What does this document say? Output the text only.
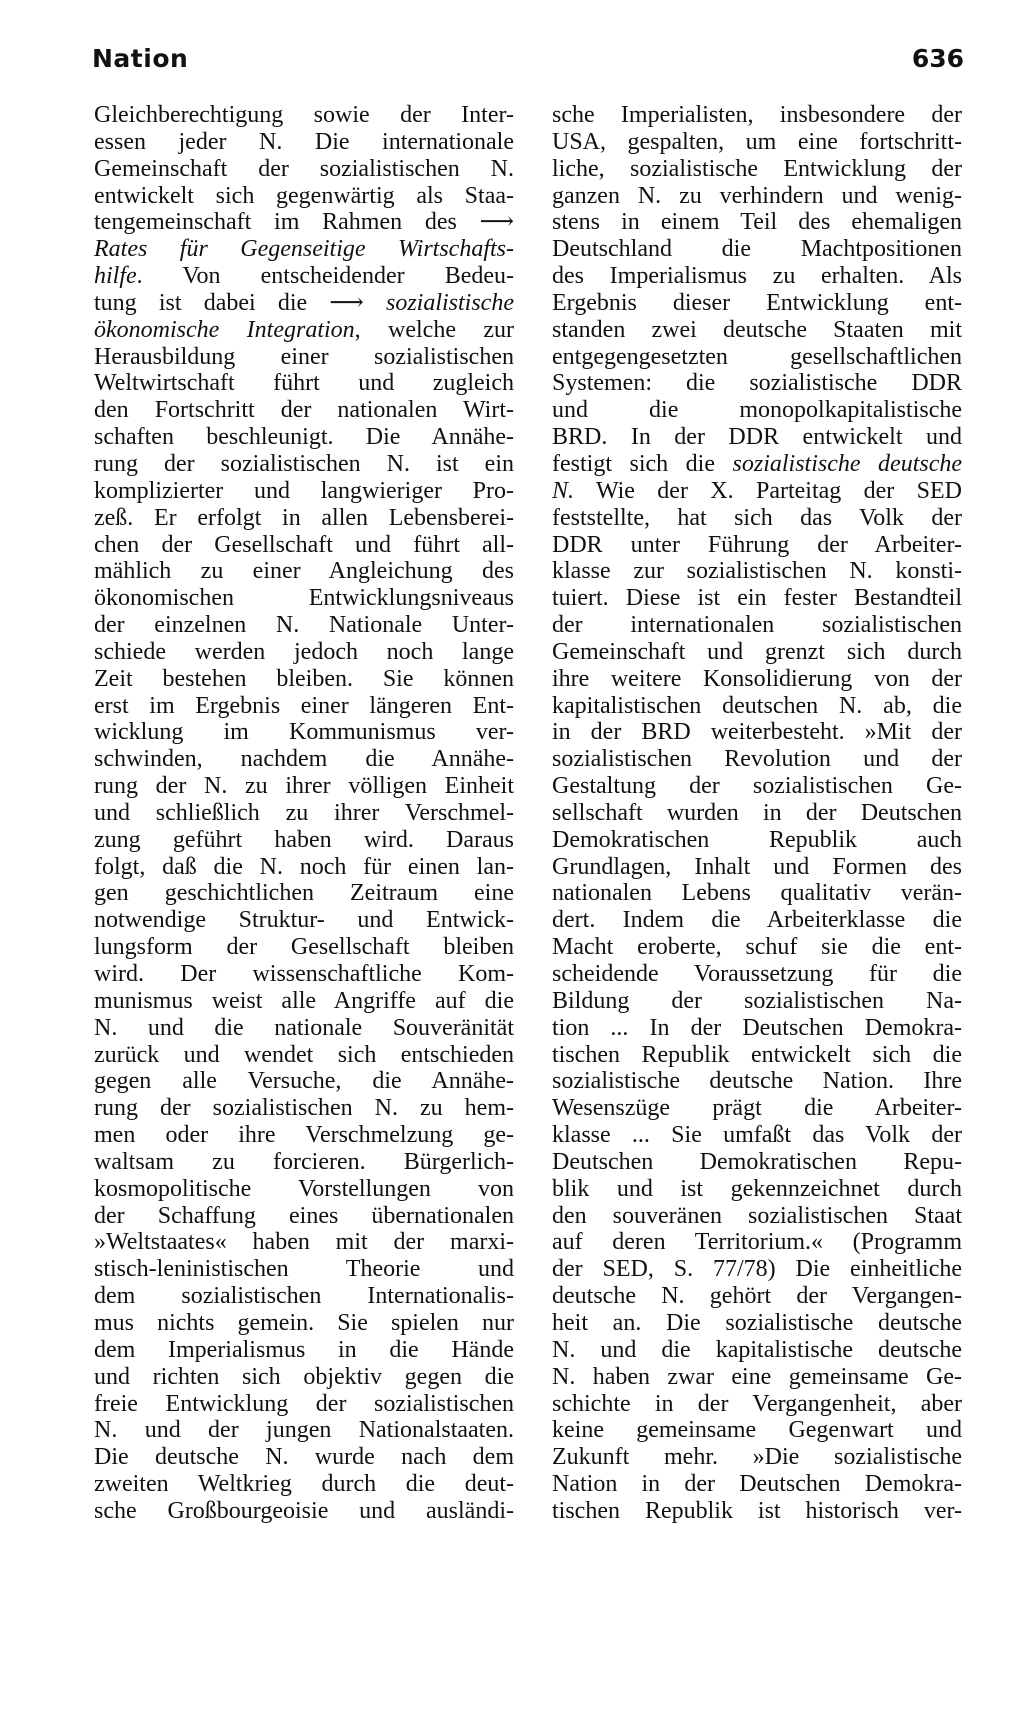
Nation	636
Gleichberechtigung sowie der Inter-
essen jeder N. Die internationale
Gemeinschaft der sozialistischen N.
entwickelt sich gegenwärtig als Staa-
tengemeinschaft im Rahmen des ⟶
Rates für Gegenseitige Wirtschafts-
hilfe. Von entscheidender Bedeu-
tung ist dabei die ⟶ sozialistische
ökonomische Integration, welche zur
Herausbildung einer sozialistischen
Weltwirtschaft führt und zugleich
den Fortschritt der nationalen Wirt-
schaften beschleunigt. Die Annähe-
rung der sozialistischen N. ist ein
komplizierter und langwieriger Pro-
zeß. Er erfolgt in allen Lebensberei-
chen der Gesellschaft und führt all-
mählich zu einer Angleichung des
ökonomischen Entwicklungsniveaus
der einzelnen N. Nationale Unter-
schiede werden jedoch noch lange
Zeit bestehen bleiben. Sie können
erst im Ergebnis einer längeren Ent-
wicklung im Kommunismus ver-
schwinden, nachdem die Annähe-
rung der N. zu ihrer völligen Einheit
und schließlich zu ihrer Verschmel-
zung geführt haben wird. Daraus
folgt, daß die N. noch für einen lan-
gen geschichtlichen Zeitraum eine
notwendige Struktur- und Entwick-
lungsform der Gesellschaft bleiben
wird. Der wissenschaftliche Kom-
munismus weist alle Angriffe auf die
N. und die nationale Souveränität
zurück und wendet sich entschieden
gegen alle Versuche, die Annähe-
rung der sozialistischen N. zu hem-
men oder ihre Verschmelzung ge-
waltsam zu forcieren. Bürgerlich-
kosmopolitische Vorstellungen von
der Schaffung eines übernationalen
»Weltstaates« haben mit der marxi-
stisch-leninistischen Theorie und
dem sozialistischen Internationalis-
mus nichts gemein. Sie spielen nur
dem Imperialismus in die Hände
und richten sich objektiv gegen die
freie Entwicklung der sozialistischen
N. und der jungen Nationalstaaten.
Die deutsche N. wurde nach dem
zweiten Weltkrieg durch die deut-
sche Großbourgeoisie und ausländi-
sche Imperialisten, insbesondere der
USA, gespalten, um eine fortschritt-
liche, sozialistische Entwicklung der
ganzen N. zu verhindern und wenig-
stens in einem Teil des ehemaligen
Deutschland die Machtpositionen
des Imperialismus zu erhalten. Als
Ergebnis dieser Entwicklung ent-
standen zwei deutsche Staaten mit
entgegengesetzten gesellschaftlichen
Systemen: die sozialistische DDR
und die monopolkapitalistische
BRD. In der DDR entwickelt und
festigt sich die sozialistische deutsche
N. Wie der X. Parteitag der SED
feststellte, hat sich das Volk der
DDR unter Führung der Arbeiter-
klasse zur sozialistischen N. konsti-
tuiert. Diese ist ein fester Bestandteil
der internationalen sozialistischen
Gemeinschaft und grenzt sich durch
ihre weitere Konsolidierung von der
kapitalistischen deutschen N. ab, die
in der BRD weiterbesteht. »Mit der
sozialistischen Revolution und der
Gestaltung der sozialistischen Ge-
sellschaft wurden in der Deutschen
Demokratischen Republik auch
Grundlagen, Inhalt und Formen des
nationalen Lebens qualitativ verän-
dert. Indem die Arbeiterklasse die
Macht eroberte, schuf sie die ent-
scheidende Voraussetzung für die
Bildung der sozialistischen Na-
tion ... In der Deutschen Demokra-
tischen Republik entwickelt sich die
sozialistische deutsche Nation. Ihre
Wesenszüge prägt die Arbeiter-
klasse ... Sie umfaßt das Volk der
Deutschen Demokratischen Repu-
blik und ist gekennzeichnet durch
den souveränen sozialistischen Staat
auf deren Territorium.« (Programm
der SED, S. 77/78) Die einheitliche
deutsche N. gehört der Vergangen-
heit an. Die sozialistische deutsche
N. und die kapitalistische deutsche
N. haben zwar eine gemeinsame Ge-
schichte in der Vergangenheit, aber
keine gemeinsame Gegenwart und
Zukunft mehr. »Die sozialistische
Nation in der Deutschen Demokra-
tischen Republik ist historisch ver-
